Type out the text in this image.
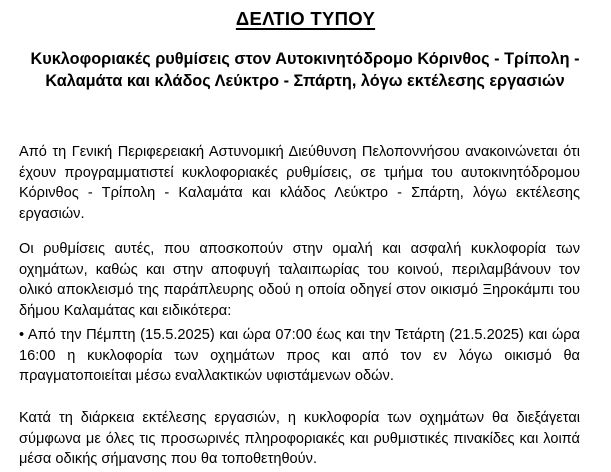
ΔΕΛΤΙΟ ΤΥΠΟΥ
Κυκλοφοριακές ρυθμίσεις στον Αυτοκινητόδρομο Κόρινθος - Τρίπολη - Καλαμάτα και κλάδος Λεύκτρο - Σπάρτη, λόγω εκτέλεσης εργασιών
Από τη Γενική Περιφερειακή Αστυνομική Διεύθυνση Πελοποννήσου ανακοινώνεται ότι έχουν προγραμματιστεί κυκλοφοριακές ρυθμίσεις, σε τμήμα του αυτοκινητόδρομου Κόρινθος - Τρίπολη - Καλαμάτα και κλάδος Λεύκτρο - Σπάρτη, λόγω εκτέλεσης εργασιών.
Οι ρυθμίσεις αυτές, που αποσκοπούν στην ομαλή και ασφαλή κυκλοφορία των οχημάτων, καθώς και στην αποφυγή ταλαιπωρίας του κοινού, περιλαμβάνουν τον ολικό αποκλεισμό της παράπλευρης οδού η οποία οδηγεί στον οικισμό Ξηροκάμπι του δήμου Καλαμάτας και ειδικότερα:
• Από την Πέμπτη (15.5.2025) και ώρα 07:00 έως και την Τετάρτη (21.5.2025) και ώρα 16:00 η κυκλοφορία των οχημάτων προς και από τον εν λόγω οικισμό θα πραγματοποιείται μέσω εναλλακτικών υφιστάμενων οδών.
Κατά τη διάρκεια εκτέλεσης εργασιών, η κυκλοφορία των οχημάτων θα διεξάγεται σύμφωνα με όλες τις προσωρινές πληροφοριακές και ρυθμιστικές πινακίδες και λοιπά μέσα οδικής σήμανσης που θα τοποθετηθούν.
